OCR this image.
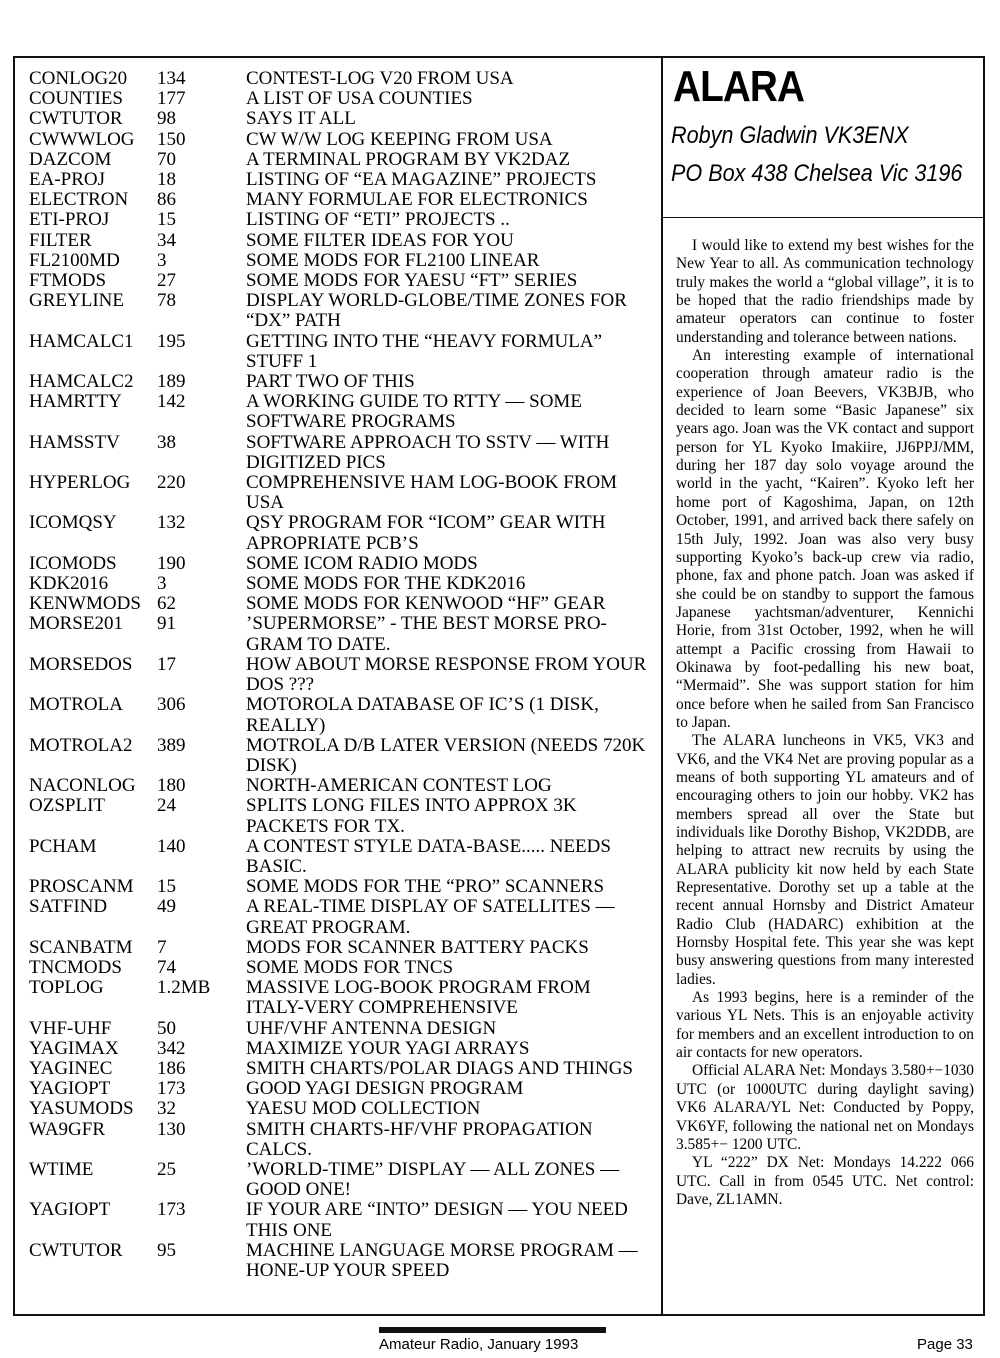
CONLOG20 134	CONTEST-LOG V20 FROM USA
COUNTIES 177	A LIST OF USA COUNTIES
CWTUTOR 98	SAYS IT ALL
CWWWLOG 150	CW W/W LOG KEEPING FROM USA
DAZCOM 70	A TERMINAL PROGRAM BY VK2DAZ
EA-PROJ	18	LISTING OF “EA MAGAZINE” PROJECTS
ELECTRON 86	MANY FORMULAE FOR ELECTRONICS
ETI-PROJ	15	LISTING OF “ETI” PROJECTS ..
FILTER	34	SOME FILTER IDEAS FOR YOU
FL2100MD 3	SOME MODS FOR FL2100 LINEAR
FTMODS	27	SOME MODS FOR YAESU “FT” SERIES
GREYLINE 78	DISPLAY WORLD-GLOBE/TIME ZONES FOR “DX” PATH
HAMCALC1 195	GETTING INTO THE “HEAVY FORMULA” STUFF 1
HAMCALC2 189	PART TWO OF THIS
HAMRTTY 142	A WORKING GUIDE TO RTTY — SOME SOFTWARE PROGRAMS
HAMSSTV 38	SOFTWARE APPROACH TO SSTV — WITH DIGITIZED PICS
HYPERLOG 220	COMPREHENSIVE HAM LOG-BOOK FROM USA
ICOMQSY 132	QSY PROGRAM FOR “ICOM” GEAR WITH APROPRIATE PCB’S
ICOMODS 190	SOME ICOM RADIO MODS
KDK2016	3	SOME MODS FOR THE KDK2016
KENWMODS 62	SOME MODS FOR KENWOOD “HF” GEAR
MORSE201 91	’SUPERMORSE” - THE BEST MORSE PRO-GRAM TO DATE.
MORSEDOS 17	HOW ABOUT MORSE RESPONSE FROM YOUR DOS ???
MOTROLA 306	MOTOROLA DATABASE OF IC’S (1 DISK, REALLY)
MOTROLA2 389	MOTROLA D/B LATER VERSION (NEEDS 720K DISK)
NACONLOG 180	NORTH-AMERICAN CONTEST LOG
OZSPLIT	24	SPLITS LONG FILES INTO APPROX 3K PACKETS FOR TX.
PCHAM	140	A CONTEST STYLE DATA-BASE..... NEEDS BASIC.
PROSCANM 15	SOME MODS FOR THE “PRO” SCANNERS
SATFIND	49	A REAL-TIME DISPLAY OF SATELLITES — GREAT PROGRAM.
SCANBATM 7	MODS FOR SCANNER BATTERY PACKS
TNCMODS 74	SOME MODS FOR TNCS
TOPLOG	1.2MB MASSIVE LOG-BOOK PROGRAM FROM ITALY-VERY COMPREHENSIVE
VHF-UHF 50	UHF/VHF ANTENNA DESIGN
YAGIMAX 342	MAXIMIZE YOUR YAGI ARRAYS
YAGINEC 186	SMITH CHARTS/POLAR DIAGS AND THINGS
YAGIOPT 173	GOOD YAGI DESIGN PROGRAM
YASUMODS 32	YAESU MOD COLLECTION
WA9GFR	130	SMITH CHARTS-HF/VHF PROPAGATION CALCS.
WTIME	25	’WORLD-TIME” DISPLAY — ALL ZONES — GOOD ONE!
YAGIOPT 173	IF YOUR ARE “INTO” DESIGN — YOU NEED THIS ONE
CWTUTOR 95	MACHINE LANGUAGE MORSE PROGRAM — HONE-UP YOUR SPEED
ALARA
Robyn Gladwin VK3ENX
PO Box 438 Chelsea Vic 3196

I would like to extend my best wishes for the New Year to all. As communication technology truly makes the world a “global village”, it is to be hoped that the radio friendships made by amateur operators can continue to foster understanding and tolerance between nations.

An interesting example of international cooperation through amateur radio is the experience of Joan Beevers, VK3BJB, who decided to learn some “Basic Japanese” six years ago. Joan was the VK contact and support person for YL Kyoko Imakiire, JJ6PPJ/MM, during her 187 day solo voyage around the world in the yacht, “Kairen”. Kyoko left her home port of Kagoshima, Japan, on 12th October, 1991, and arrived back there safely on 15th July, 1992. Joan was also very busy supporting Kyoko’s back-up crew via radio, phone, fax and phone patch. Joan was asked if she could be on standby to support the famous Japanese yachtsman/adventurer, Kennichi Horie, from 31st October, 1992, when he will attempt a Pacific crossing from Hawaii to Okinawa by foot-pedalling his new boat, “Mermaid”. She was support station for him once before when he sailed from San Francisco to Japan.

The ALARA luncheons in VK5, VK3 and VK6, and the VK4 Net are proving popular as a means of both supporting YL amateurs and of encouraging others to join our hobby. VK2 has members spread all over the State but individuals like Dorothy Bishop, VK2DDB, are helping to attract new recruits by using the ALARA publicity kit now held by each State Representative. Dorothy set up a table at the recent annual Hornsby and District Amateur Radio Club (HADARC) exhibition at the Hornsby Hospital fete. This year she was kept busy answering questions from many interested ladies.

As 1993 begins, here is a reminder of the various YL Nets. This is an enjoyable activity for members and an excellent introduction to on air contacts for new operators.

Official ALARA Net: Mondays 3.580+−1030 UTC (or 1000UTC during daylight saving) VK6 ALARA/YL Net: Conducted by Poppy, VK6YF, following the national net on Mondays 3.585+− 1200 UTC.

YL “222” DX Net: Mondays 14.222 066 UTC. Call in from 0545 UTC. Net control: Dave, ZL1AMN.

Amateur Radio, January 1993	Page 33
